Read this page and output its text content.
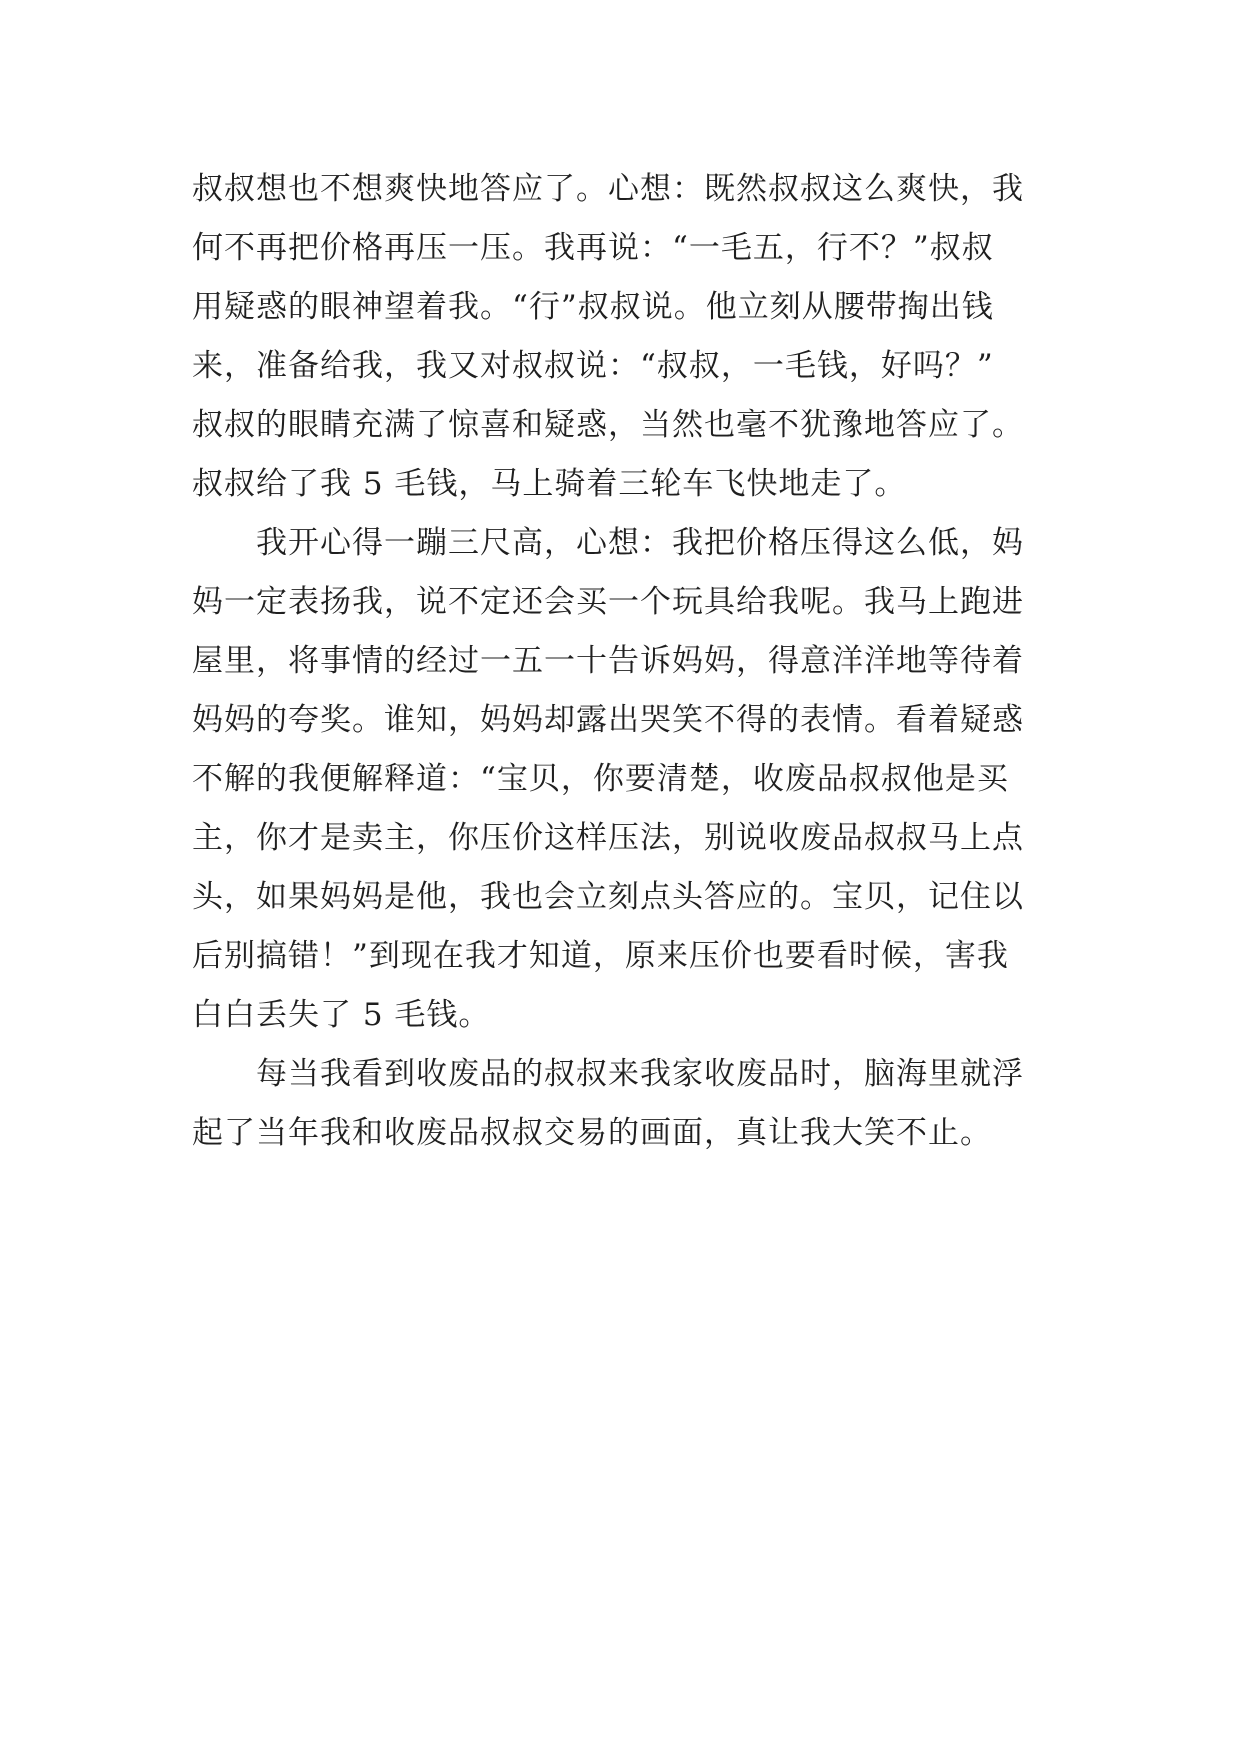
叔叔想也不想爽快地答应了。心想：既然叔叔这么爽快，我
何不再把价格再压一压。我再说：“一毛五，行不？”叔叔
用疑惑的眼神望着我。“行”叔叔说。他立刻从腰带掏出钱
来，准备给我，我又对叔叔说：“叔叔，一毛钱，好吗？”
叔叔的眼睛充满了惊喜和疑惑，当然也毫不犹豫地答应了。
叔叔给了我 5 毛钱，马上骑着三轮车飞快地走了。
我开心得一蹦三尺高，心想：我把价格压得这么低，妈
妈一定表扬我，说不定还会买一个玩具给我呢。我马上跑进
屋里，将事情的经过一五一十告诉妈妈，得意洋洋地等待着
妈妈的夸奖。谁知，妈妈却露出哭笑不得的表情。看着疑惑
不解的我便解释道：“宝贝，你要清楚，收废品叔叔他是买
主，你才是卖主，你压价这样压法，别说收废品叔叔马上点
头，如果妈妈是他，我也会立刻点头答应的。宝贝，记住以
后别搞错！”到现在我才知道，原来压价也要看时候，害我
白白丢失了 5 毛钱。
每当我看到收废品的叔叔来我家收废品时，脑海里就浮
起了当年我和收废品叔叔交易的画面，真让我大笑不止。
